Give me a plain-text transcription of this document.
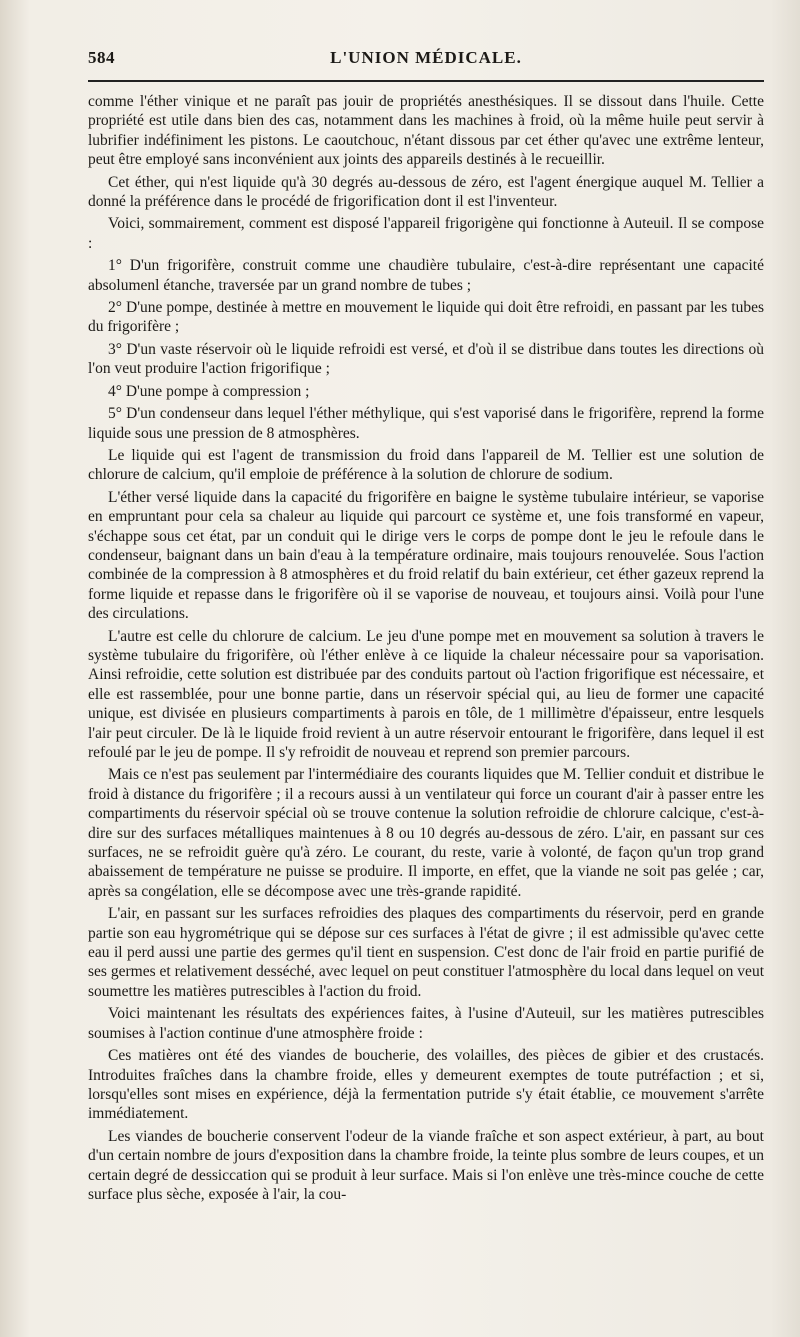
584	L'UNION MÉDICALE.

comme l'éther vinique et ne paraît pas jouir de propriétés anesthésiques. Il se dissout dans l'huile. Cette propriété est utile dans bien des cas, notamment dans les machines à froid, où la même huile peut servir à lubrifier indéfiniment les pistons. Le caoutchouc, n'étant dissous par cet éther qu'avec une extrême lenteur, peut être employé sans inconvénient aux joints des appareils destinés à le recueillir.

Cet éther, qui n'est liquide qu'à 30 degrés au-dessous de zéro, est l'agent énergique auquel M. Tellier a donné la préférence dans le procédé de frigorification dont il est l'inventeur.

Voici, sommairement, comment est disposé l'appareil frigorigène qui fonctionne à Auteuil. Il se compose :

1° D'un frigorifère, construit comme une chaudière tubulaire, c'est-à-dire représentant une capacité absolumenl étanche, traversée par un grand nombre de tubes ;

2° D'une pompe, destinée à mettre en mouvement le liquide qui doit être refroidi, en passant par les tubes du frigorifère ;

3° D'un vaste réservoir où le liquide refroidi est versé, et d'où il se distribue dans toutes les directions où l'on veut produire l'action frigorifique ;

4° D'une pompe à compression ;

5° D'un condenseur dans lequel l'éther méthylique, qui s'est vaporisé dans le frigorifère, reprend la forme liquide sous une pression de 8 atmosphères.

Le liquide qui est l'agent de transmission du froid dans l'appareil de M. Tellier est une solution de chlorure de calcium, qu'il emploie de préférence à la solution de chlorure de sodium.

L'éther versé liquide dans la capacité du frigorifère en baigne le système tubulaire intérieur, se vaporise en empruntant pour cela sa chaleur au liquide qui parcourt ce système et, une fois transformé en vapeur, s'échappe sous cet état, par un conduit qui le dirige vers le corps de pompe dont le jeu le refoule dans le condenseur, baignant dans un bain d'eau à la température ordinaire, mais toujours renouvelée. Sous l'action combinée de la compression à 8 atmosphères et du froid relatif du bain extérieur, cet éther gazeux reprend la forme liquide et repasse dans le frigorifère où il se vaporise de nouveau, et toujours ainsi. Voilà pour l'une des circulations.

L'autre est celle du chlorure de calcium. Le jeu d'une pompe met en mouvement sa solution à travers le système tubulaire du frigorifère, où l'éther enlève à ce liquide la chaleur nécessaire pour sa vaporisation. Ainsi refroidie, cette solution est distribuée par des conduits partout où l'action frigorifique est nécessaire, et elle est rassemblée, pour une bonne partie, dans un réservoir spécial qui, au lieu de former une capacité unique, est divisée en plusieurs compartiments à parois en tôle, de 1 millimètre d'épaisseur, entre lesquels l'air peut circuler. De là le liquide froid revient à un autre réservoir entourant le frigorifère, dans lequel il est refoulé par le jeu de pompe. Il s'y refroidit de nouveau et reprend son premier parcours.

Mais ce n'est pas seulement par l'intermédiaire des courants liquides que M. Tellier conduit et distribue le froid à distance du frigorifère ; il a recours aussi à un ventilateur qui force un courant d'air à passer entre les compartiments du réservoir spécial où se trouve contenue la solution refroidie de chlorure calcique, c'est-à-dire sur des surfaces métalliques maintenues à 8 ou 10 degrés au-dessous de zéro. L'air, en passant sur ces surfaces, ne se refroidit guère qu'à zéro. Le courant, du reste, varie à volonté, de façon qu'un trop grand abaissement de température ne puisse se produire. Il importe, en effet, que la viande ne soit pas gelée ; car, après sa congélation, elle se décompose avec une très-grande rapidité.

L'air, en passant sur les surfaces refroidies des plaques des compartiments du réservoir, perd en grande partie son eau hygrométrique qui se dépose sur ces surfaces à l'état de givre ; il est admissible qu'avec cette eau il perd aussi une partie des germes qu'il tient en suspension. C'est donc de l'air froid en partie purifié de ses germes et relativement desséché, avec lequel on peut constituer l'atmosphère du local dans lequel on veut soumettre les matières putrescibles à l'action du froid.

Voici maintenant les résultats des expériences faites, à l'usine d'Auteuil, sur les matières putrescibles soumises à l'action continue d'une atmosphère froide :

Ces matières ont été des viandes de boucherie, des volailles, des pièces de gibier et des crustacés. Introduites fraîches dans la chambre froide, elles y demeurent exemptes de toute putréfaction ; et si, lorsqu'elles sont mises en expérience, déjà la fermentation putride s'y était établie, ce mouvement s'arrête immédiatement.

Les viandes de boucherie conservent l'odeur de la viande fraîche et son aspect extérieur, à part, au bout d'un certain nombre de jours d'exposition dans la chambre froide, la teinte plus sombre de leurs coupes, et un certain degré de dessiccation qui se produit à leur surface. Mais si l'on enlève une très-mince couche de cette surface plus sèche, exposée à l'air, la cou-
